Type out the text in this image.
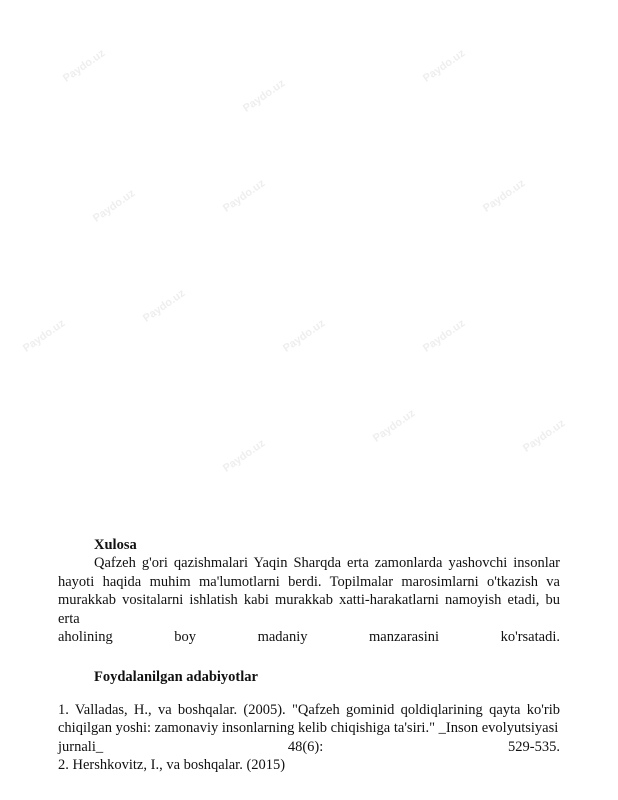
Paydo.uz
Paydo.uz
Paydo.uz
Paydo.uz	Paydo.uz	Paydo.uz
Paydo.uz
Paydo.uz	Paydo.uz
Paydo.uz
Paydo.uz
Paydo.uz	Paydo.uz
Xulosa

Qafzeh g'ori qazishmalari Yaqin Sharqda erta zamonlarda yashovchi insonlar hayoti haqida muhim ma'lumotlarni berdi. Topilmalar marosimlarni o'tkazish va murakkab vositalarni ishlatish kabi murakkab xatti-harakatlarni namoyish etadi, bu erta

aholining	boy	madaniy	manzarasini	ko'rsatadi.
Foydalanilgan adabiyotlar

1. Valladas, H., va boshqalar. (2005). "Qafzeh gominid qoldiqlarining qayta ko'rib chiqilgan yoshi: zamonaviy insonlarning kelib chiqishiga ta'siri." _Inson evolyutsiyasi

jurnali_	48(6):	529-535.
2. Hershkovitz, I., va boshqalar. (2015)
